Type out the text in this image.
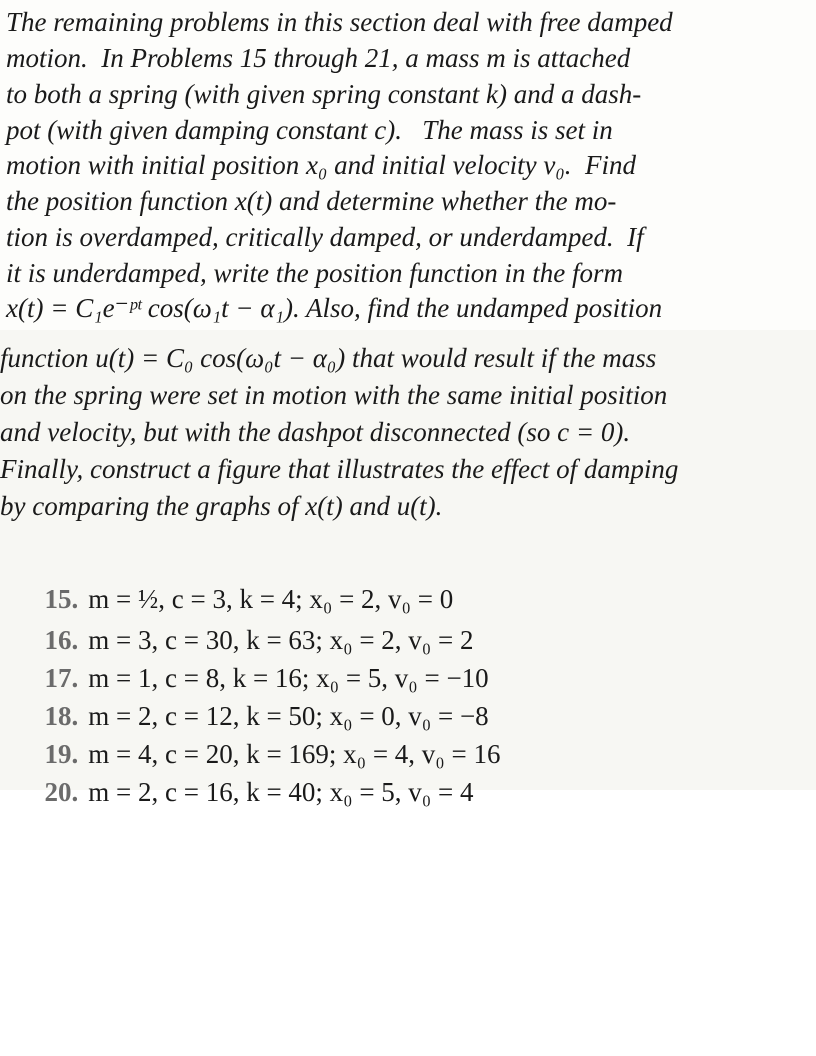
The remaining problems in this section deal with free damped
motion.  In Problems 15 through 21, a mass m is attached
to both a spring (with given spring constant k) and a dash-
pot (with given damping constant c).   The mass is set in
motion with initial position x₀ and initial velocity v₀.  Find
the position function x(t) and determine whether the mo-
tion is overdamped, critically damped, or underdamped.  If
it is underdamped, write the position function in the form
x(t) = C₁e⁻ᵖᵗ cos(ω₁t − α₁). Also, find the undamped position
function u(t) = C₀ cos(ω₀t − α₀) that would result if the mass
on the spring were set in motion with the same initial position
and velocity, but with the dashpot disconnected (so c = 0).
Finally, construct a figure that illustrates the effect of damping
by comparing the graphs of x(t) and u(t).

15. m = ½, c = 3, k = 4; x₀ = 2, v₀ = 0

16. m = 3, c = 30, k = 63; x₀ = 2, v₀ = 2

17. m = 1, c = 8, k = 16; x₀ = 5, v₀ = −10

18. m = 2, c = 12, k = 50; x₀ = 0, v₀ = −8

19. m = 4, c = 20, k = 169; x₀ = 4, v₀ = 16

20. m = 2, c = 16, k = 40; x₀ = 5, v₀ = 4
